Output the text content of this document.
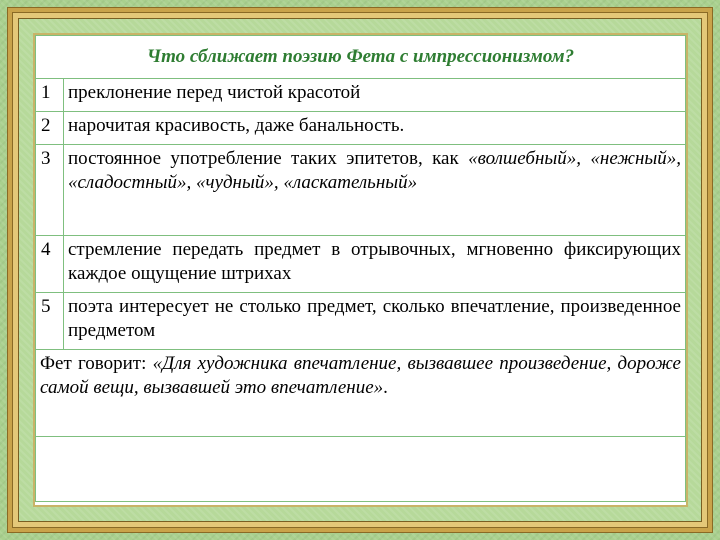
Что сближает поэзию Фета с импрессионизмом?	
1	преклонение перед чистой красотой
2	нарочитая красивость, даже банальность.
3	постоянное употребление таких эпитетов, как «волшебный», «нежный», «сладостный», «чудный», «ласкательный»
4	стремление передать предмет в отрывочных, мгновенно фиксирующих каждое ощущение штрихах
5	поэта интересует не столько предмет, сколько впечатление, произведенное предметом
Фет говорит: «Для художника впечатление, вызвавшее произведение, дороже самой вещи, вызвавшей это впечатление».	
